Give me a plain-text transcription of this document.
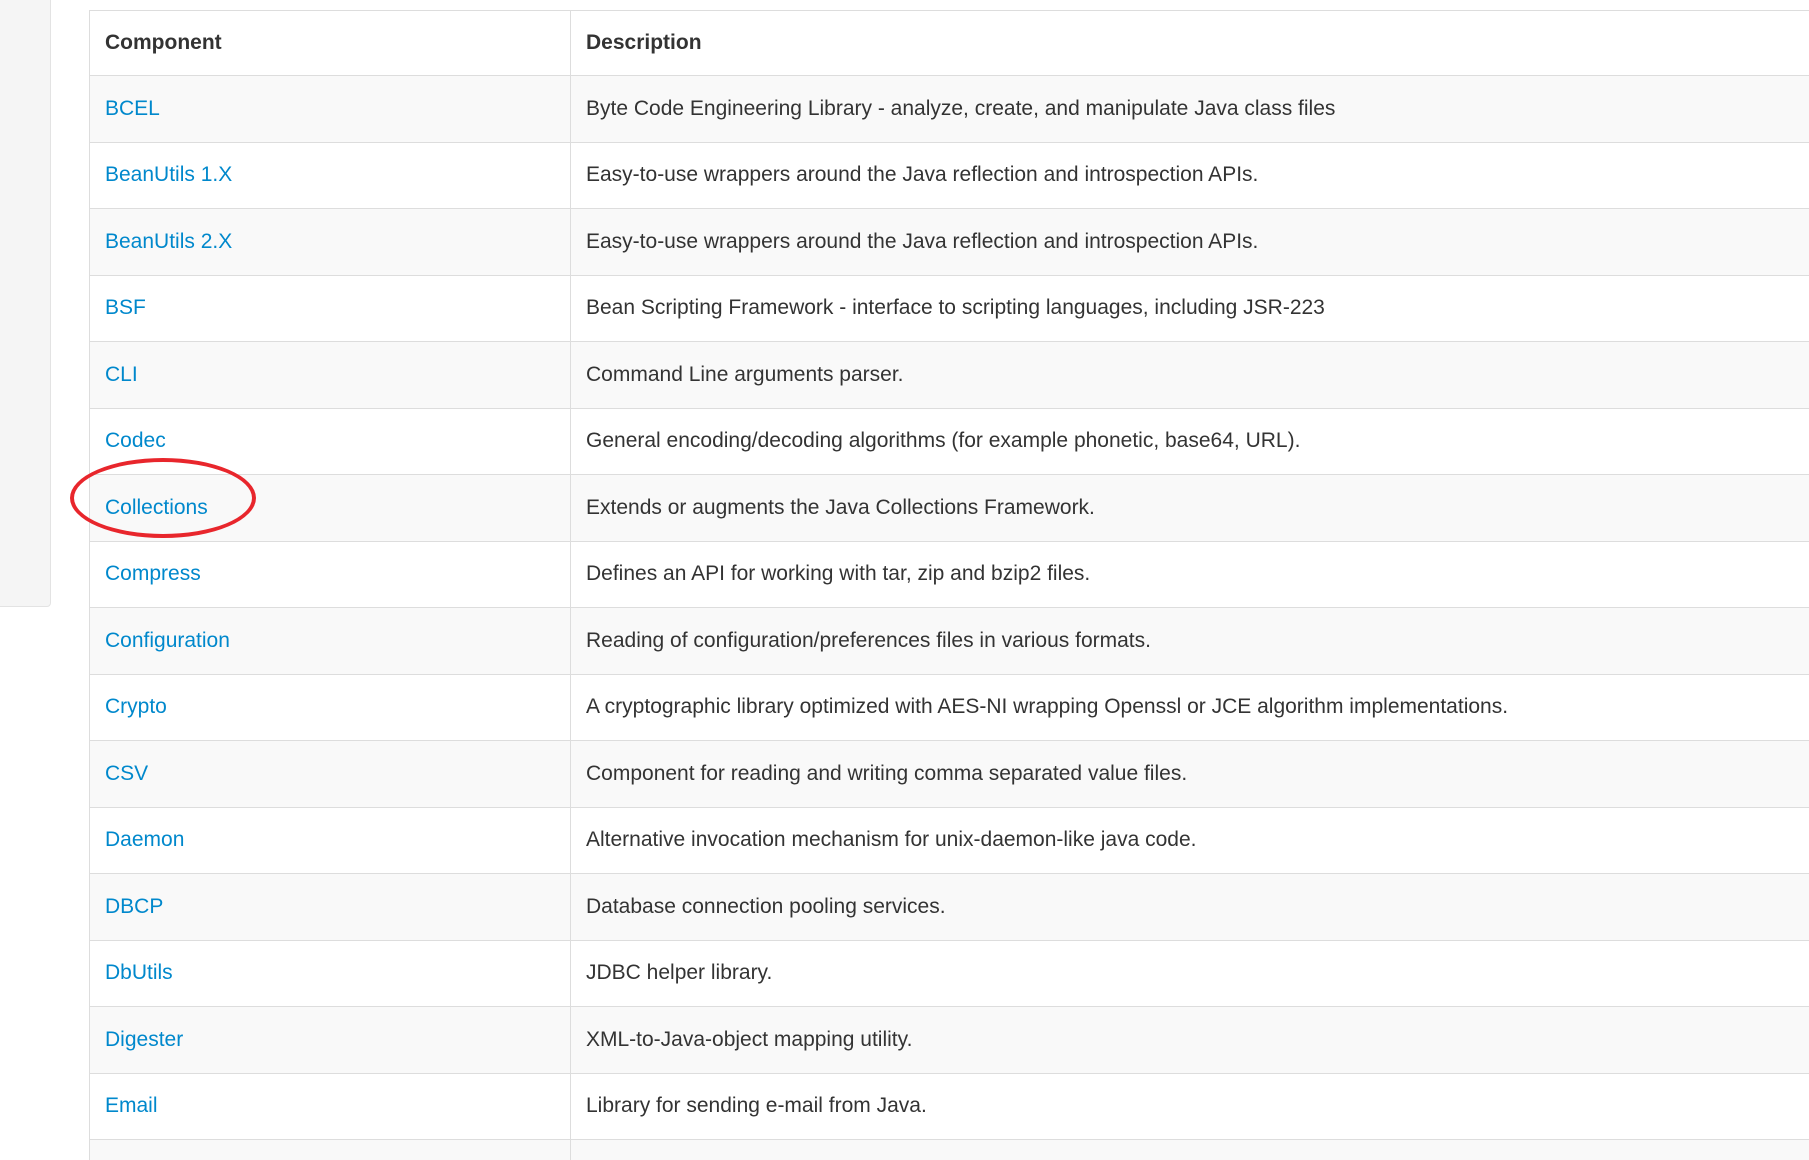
Component	Description
BCEL	Byte Code Engineering Library - analyze, create, and manipulate Java class files
BeanUtils 1.X	Easy-to-use wrappers around the Java reflection and introspection APIs.
BeanUtils 2.X	Easy-to-use wrappers around the Java reflection and introspection APIs.
BSF	Bean Scripting Framework - interface to scripting languages, including JSR-223
CLI	Command Line arguments parser.
Codec	General encoding/decoding algorithms (for example phonetic, base64, URL).
Collections	Extends or augments the Java Collections Framework.
Compress	Defines an API for working with tar, zip and bzip2 files.
Configuration	Reading of configuration/preferences files in various formats.
Crypto	A cryptographic library optimized with AES-NI wrapping Openssl or JCE algorithm implementations.
CSV	Component for reading and writing comma separated value files.
Daemon	Alternative invocation mechanism for unix-daemon-like java code.
DBCP	Database connection pooling services.
DbUtils	JDBC helper library.
Digester	XML-to-Java-object mapping utility.
Email	Library for sending e-mail from Java.
